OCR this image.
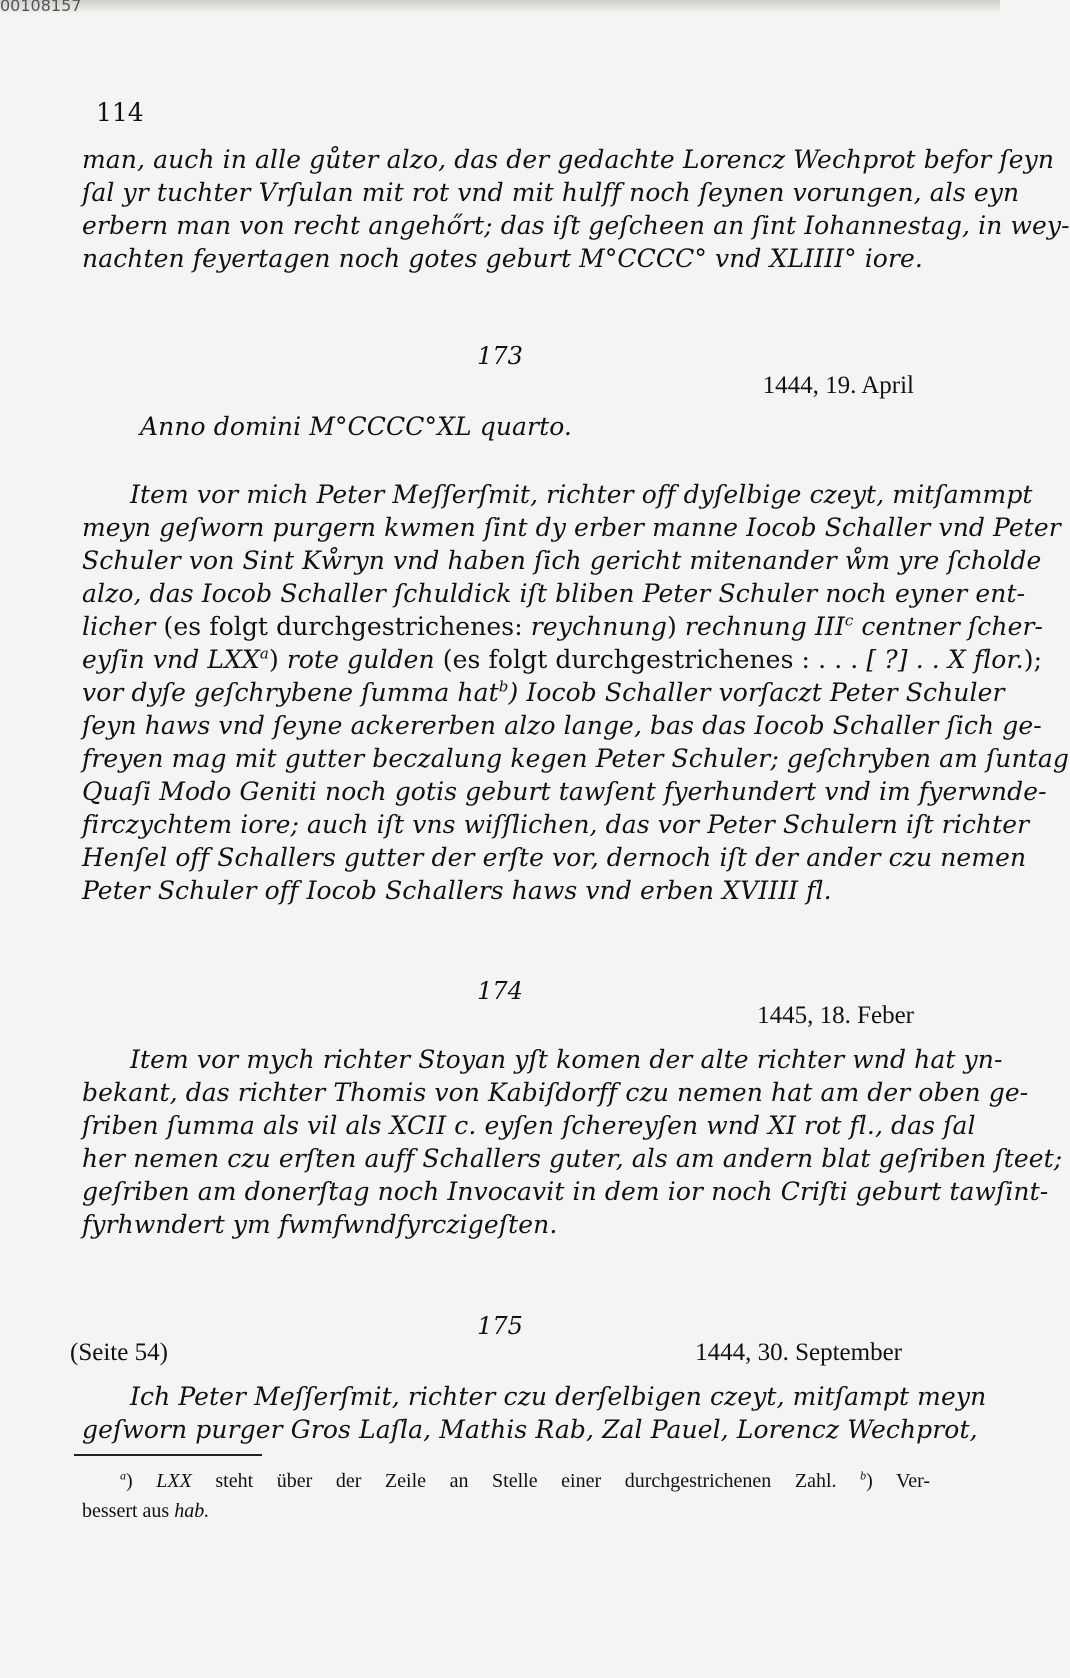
00108157
114
man, auch in alle gůter alzo, das der gedachte Lorencz Wechprot befor ſeyn
ſal yr tuchter Vrſulan mit rot vnd mit hulff noch ſeynen vorungen, als eyn
erbern man von recht angehőrt; das iſt geſcheen an ſint Iohannestag, in wey-
nachten feyertagen noch gotes geburt M°CCCC° vnd XLIIII° iore.
173
1444, 19. April
Anno domini M°CCCC°XL quarto.
Item vor mich Peter Meſſerſmit, richter off dyſelbige czeyt, mitſammpt
meyn geſworn purgern kwmen ſint dy erber manne Iocob Schaller vnd Peter
Schuler von Sint Kẘryn vnd haben ſich gericht mitenander ẘm yre ſcholde
alzo, das Iocob Schaller ſchuldick iſt bliben Peter Schuler noch eyner ent-
licher (es folgt durchgestrichenes: reychnung) rechnung III$^c$ centner ſcher-
eyſin vnd LXX$^a$) rote gulden (es folgt durchgestrichenes : . . . [ ?] . . X flor.);
vor dyſe geſchrybene ſumma hat$^b$) Iocob Schaller vorſaczt Peter Schuler
ſeyn haws vnd ſeyne ackererben alzo lange, bas das Iocob Schaller ſich ge-
freyen mag mit gutter beczalung kegen Peter Schuler; geſchryben am ſuntag
Quaſi Modo Geniti noch gotis geburt tawſent fyerhundert vnd im fyerwnde-
firczychtem iore; auch iſt vns wiſſlichen, das vor Peter Schulern iſt richter
Henſel off Schallers gutter der erſte vor, dernoch iſt der ander czu nemen
Peter Schuler off Iocob Schallers haws vnd erben XVIIII fl.
174
1445, 18. Feber
Item vor mych richter Stoyan yſt komen der alte richter wnd hat yn-
bekant, das richter Thomis von Kabiſdorff czu nemen hat am der oben ge-
ſriben ſumma als vil als XCII c. eyſen ſchereyſen wnd XI rot fl., das ſal
her nemen czu erſten auff Schallers guter, als am andern blat geſriben ſteet;
geſriben am donerſtag noch Invocavit in dem ior noch Criſti geburt tawſint-
fyrhwndert ym fwmfwndfyrczigeſten.
175
(Seite 54)	1444, 30. September
Ich Peter Meſſerſmit, richter czu derſelbigen czeyt, mitſampt meyn
geſworn purger Gros Laſla, Mathis Rab, Zal Pauel, Lorencz Wechprot,
$^a$) LXX steht über der Zeile an Stelle einer durchgestrichenen Zahl. $^b$) Ver-
bessert aus hab.
